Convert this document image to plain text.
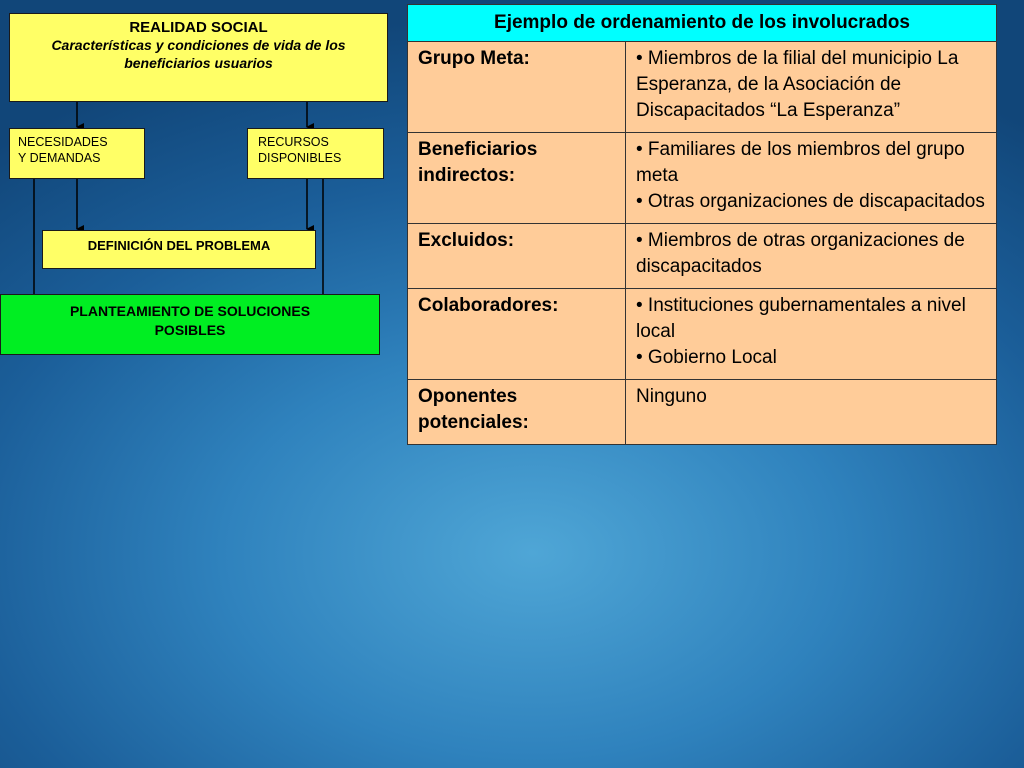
REALIDAD SOCIAL
Características y condiciones de vida de los beneficiarios usuarios
NECESIDADES
Y DEMANDAS
RECURSOS
DISPONIBLES
DEFINICIÓN DEL PROBLEMA
PLANTEAMIENTO DE SOLUCIONES POSIBLES
Ejemplo de ordenamiento de los involucrados	
Grupo Meta:	• Miembros de la filial del municipio La Esperanza, de la Asociación de Discapacitados “La Esperanza”

Beneficiarios indirectos:	• Familiares de los miembros del grupo meta
• Otras organizaciones de discapacitados

Excluidos:	• Miembros de otras organizaciones de discapacitados

Colaboradores:	• Instituciones gubernamentales a nivel local
• Gobierno Local

Oponentes potenciales:	Ninguno
